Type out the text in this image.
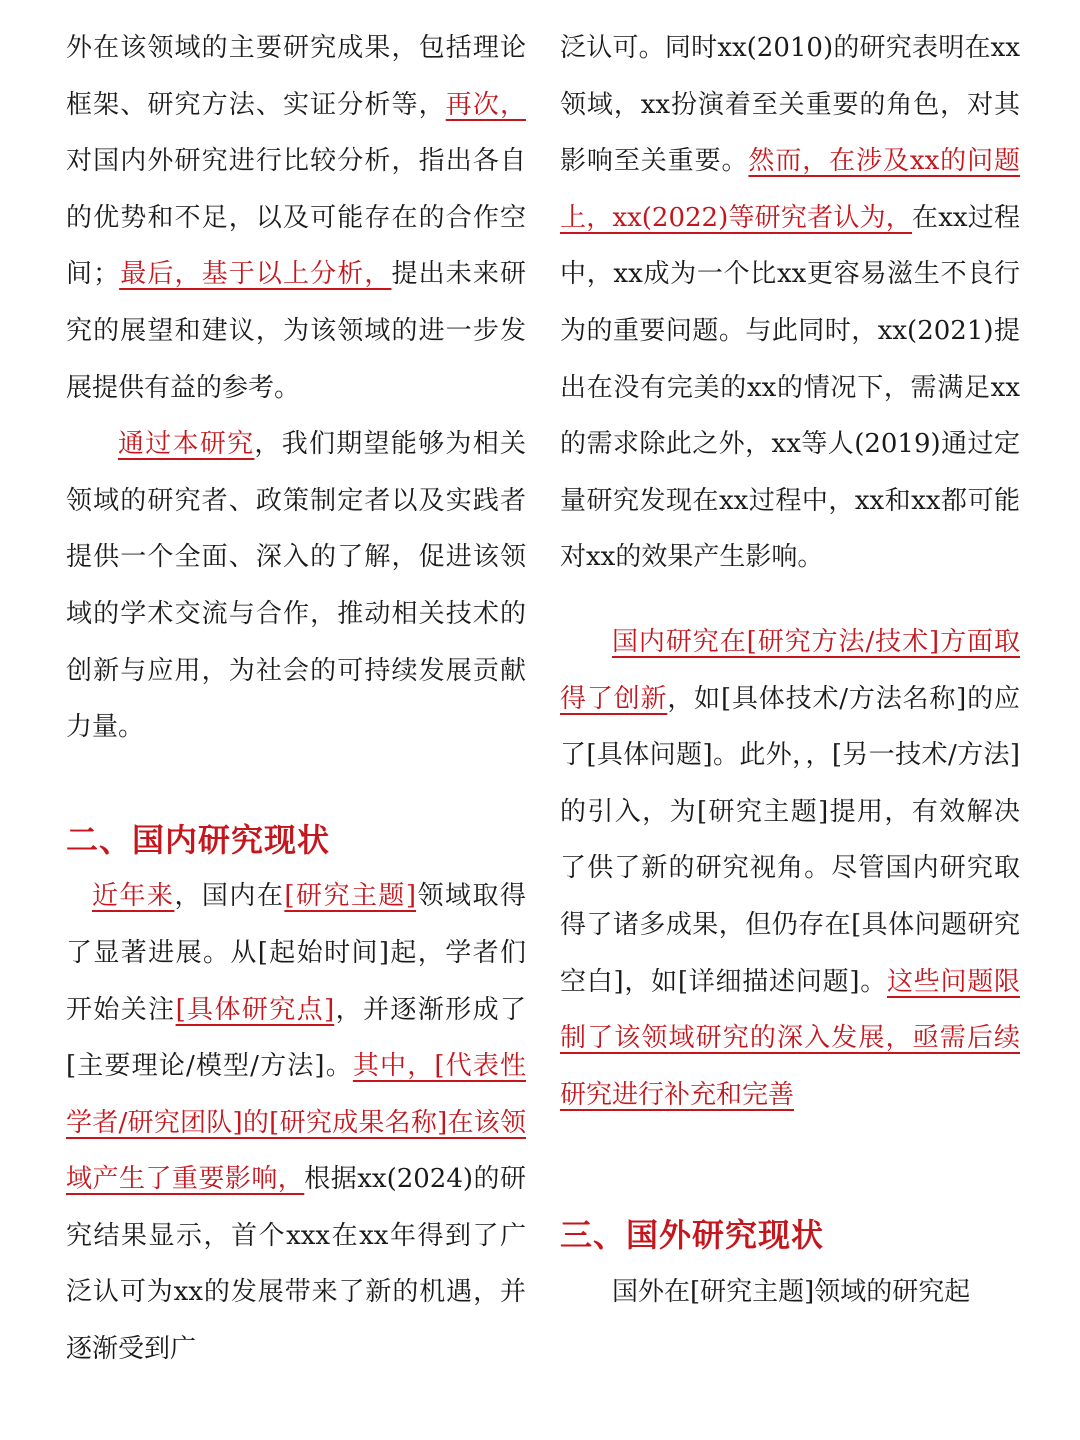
外在该领域的主要研究成果，包括理论框架、研究方法、实证分析等，再次，对国内外研究进行比较分析，指出各自的优势和不足，以及可能存在的合作空间；最后，基于以上分析，提出未来研究的展望和建议，为该领域的进一步发展提供有益的参考。

通过本研究，我们期望能够为相关领域的研究者、政策制定者以及实践者提供一个全面、深入的了解，促进该领域的学术交流与合作，推动相关技术的创新与应用，为社会的可持续发展贡献力量。

二、国内研究现状

近年来，国内在[研究主题]领域取得了显著进展。从[起始时间]起，学者们开始关注[具体研究点]，并逐渐形成了[主要理论/模型/方法]。其中，[代表性学者/研究团队]的[研究成果名称]在该领域产生了重要影响，根据xx(2024)的研究结果显示，首个xxx在xx年得到了广泛认可为xx的发展带来了新的机遇，并逐渐受到广

泛认可。同时xx(2010)的研究表明在xx领域，xx扮演着至关重要的角色，对其影响至关重要。然而，在涉及xx的问题上，xx(2022)等研究者认为，在xx过程中，xx成为一个比xx更容易滋生不良行为的重要问题。与此同时，xx(2021)提出在没有完美的xx的情况下，需满足xx的需求除此之外，xx等人(2019)通过定量研究发现在xx过程中，xx和xx都可能对xx的效果产生影响。

国内研究在[研究方法/技术]方面取得了创新，如[具体技术/方法名称]的应了[具体问题]。此外，，[另一技术/方法]的引入，为[研究主题]提用，有效解决了供了新的研究视角。尽管国内研究取得了诸多成果，但仍存在[具体问题研究空白]，如[详细描述问题]。这些问题限制了该领域研究的深入发展，亟需后续研究进行补充和完善

三、国外研究现状

国外在[研究主题]领域的研究起
